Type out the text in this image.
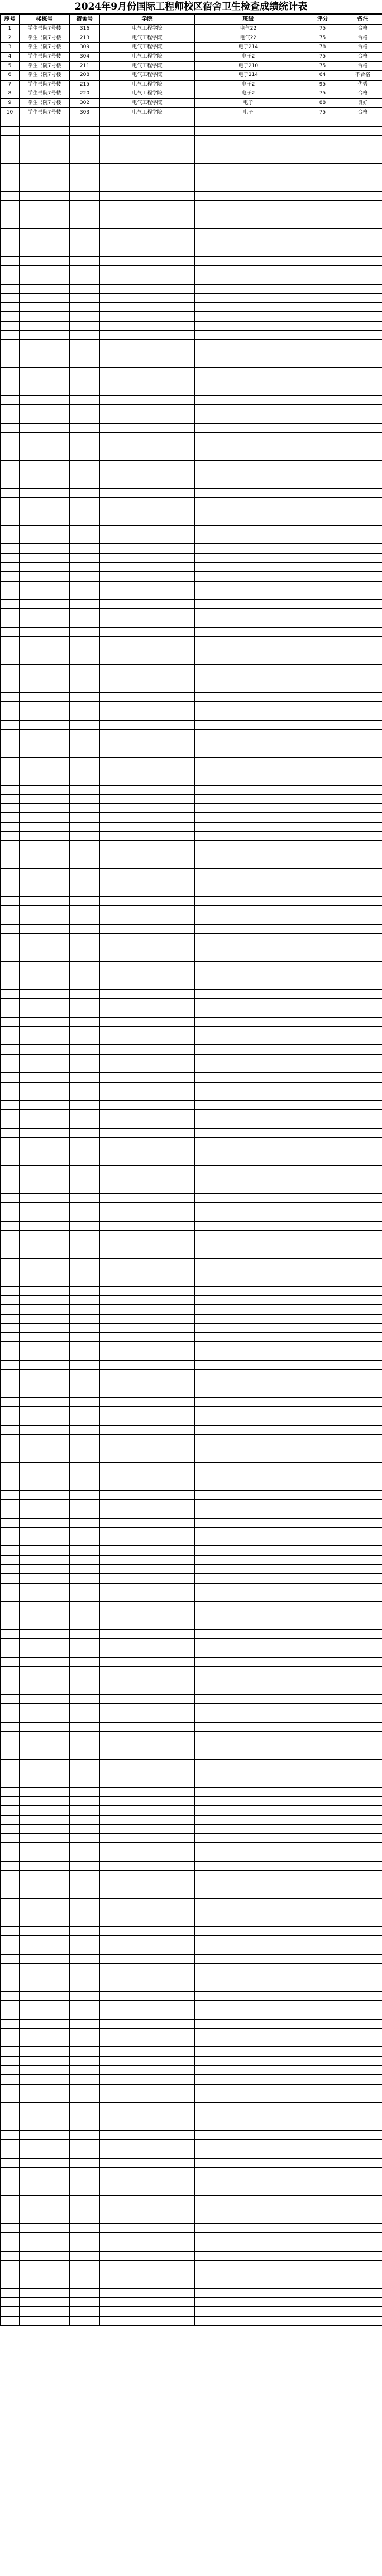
2024年9月份国际工程师校区宿舍卫生检查成绩统计表
序号	楼栋号	宿舍号	学院	班级	评分	备注
1	学生书院7号楼	316	电气工程学院	电气22	75	合格
2	学生书院7号楼	213	电气工程学院	电气22	75	合格
3	学生书院7号楼	309	电气工程学院	电子214	78	合格
4	学生书院7号楼	304	电气工程学院	电子2	75	合格
5	学生书院7号楼	211	电气工程学院	电子210	75	合格
6	学生书院7号楼	208	电气工程学院	电子214	64	不合格
7	学生书院7号楼	215	电气工程学院	电子2	95	优秀
8	学生书院7号楼	220	电气工程学院	电子2	75	合格
9	学生书院7号楼	302	电气工程学院	电子	88	良好
10	学生书院7号楼	303	电气工程学院	电子	75	合格
